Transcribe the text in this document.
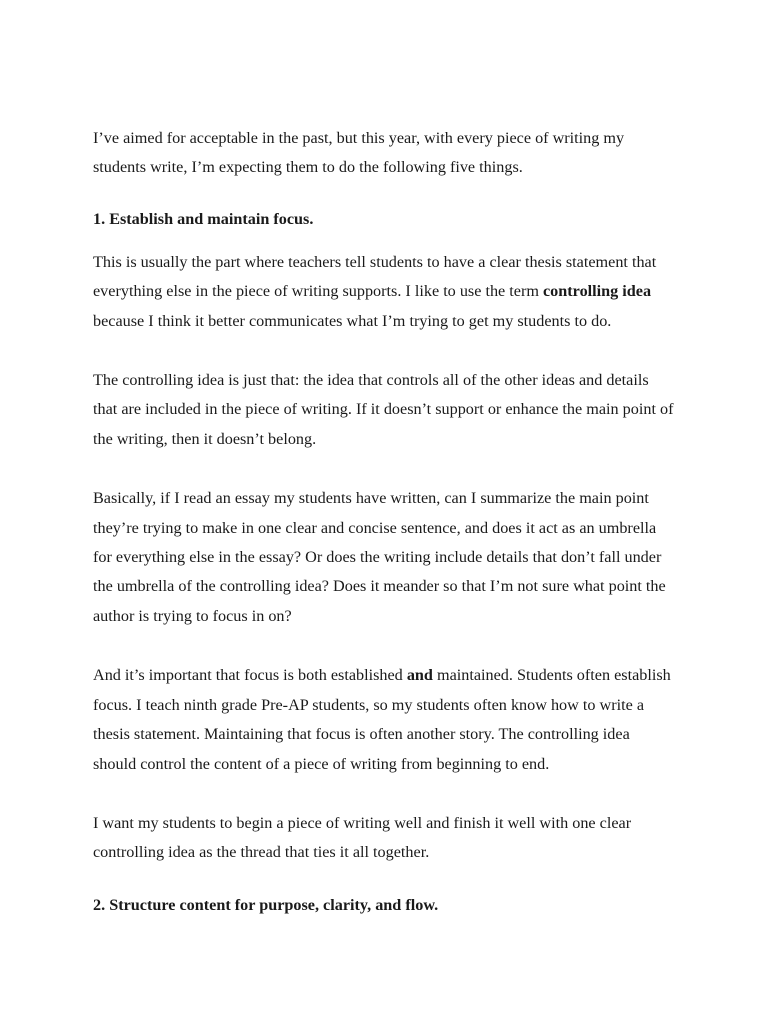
I’ve aimed for acceptable in the past, but this year, with every piece of writing my students write, I’m expecting them to do the following five things.

1. Establish and maintain focus.

This is usually the part where teachers tell students to have a clear thesis statement that everything else in the piece of writing supports. I like to use the term controlling idea because I think it better communicates what I’m trying to get my students to do.

The controlling idea is just that: the idea that controls all of the other ideas and details that are included in the piece of writing. If it doesn’t support or enhance the main point of the writing, then it doesn’t belong.

Basically, if I read an essay my students have written, can I summarize the main point they’re trying to make in one clear and concise sentence, and does it act as an umbrella for everything else in the essay? Or does the writing include details that don’t fall under the umbrella of the controlling idea? Does it meander so that I’m not sure what point the author is trying to focus in on?

And it’s important that focus is both established and maintained. Students often establish focus. I teach ninth grade Pre-AP students, so my students often know how to write a thesis statement. Maintaining that focus is often another story. The controlling idea should control the content of a piece of writing from beginning to end.

I want my students to begin a piece of writing well and finish it well with one clear controlling idea as the thread that ties it all together.

2. Structure content for purpose, clarity, and flow.
